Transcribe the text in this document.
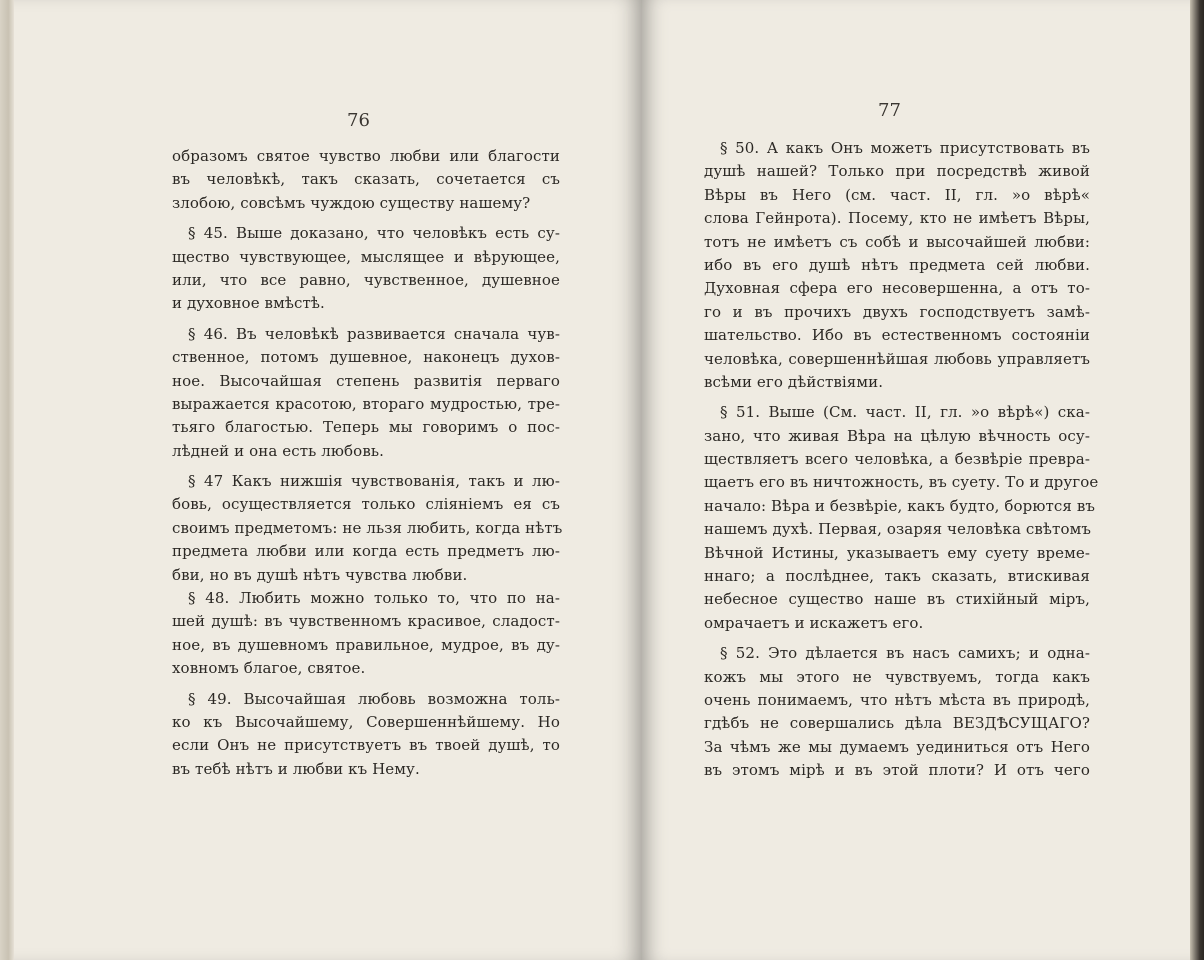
76
образомъ святое чувство любви или благости
въ человѣкѣ, такъ сказать, сочетается съ
злобою, совсѣмъ чуждою существу нашему?
§ 45. Выше доказано, что человѣкъ есть су-
щество чувствующее, мыслящее и вѣрующее,
или, что все равно, чувственное, душевное
и духовное вмѣстѣ.
§ 46. Въ человѣкѣ развивается сначала чув-
ственное, потомъ душевное, наконецъ духов-
ное. Высочайшая степень развитія перваго
выражается красотою, втораго мудростью, тре-
тьяго благостью. Теперь мы говоримъ о пос-
лѣдней и она есть любовь.
§ 47 Какъ нижшія чувствованія, такъ и лю-
бовь, осуществляется только сліяніемъ ея съ
своимъ предметомъ: не льзя любить, когда нѣтъ
предмета любви или когда есть предметъ лю-
бви, но въ душѣ нѣтъ чувства любви.
§ 48. Любить можно только то, что по на-
шей душѣ: въ чувственномъ красивое, сладост-
ное, въ душевномъ правильное, мудрое, въ ду-
ховномъ благое, святое.
§ 49. Высочайшая любовь возможна толь-
ко къ Высочайшему, Совершеннѣйшему. Но
если Онъ не присутствуетъ въ твоей душѣ, то
въ тебѣ нѣтъ и любви къ Нему.
77
§ 50. А какъ Онъ можетъ присутствовать въ
душѣ нашей? Только при посредствѣ живой
Вѣры въ Него (см. част. II, гл. »о вѣрѣ«
слова Гейнрота). Посему, кто не имѣетъ Вѣры,
тотъ не имѣетъ съ собѣ и высочайшей любви:
ибо въ его душѣ нѣтъ предмета сей любви.
Духовная сфера его несовершенна, а отъ то-
го и въ прочихъ двухъ господствуетъ замѣ-
шательство. Ибо въ естественномъ состояніи
человѣка, совершеннѣйшая любовь управляетъ
всѣми его дѣйствіями.
§ 51. Выше (См. част. II, гл. »о вѣрѣ«) ска-
зано, что живая Вѣра на цѣлую вѣчность осу-
ществляетъ всего человѣка, а безвѣріе превра-
щаетъ его въ ничтожность, въ суету. То и другое
начало: Вѣра и безвѣріе, какъ будто, борются въ
нашемъ духѣ. Первая, озаряя человѣка свѣтомъ
Вѣчной Истины, указываетъ ему суету време-
ннаго; а послѣднее, такъ сказать, втискивая
небесное существо наше въ стихійный міръ,
омрачаетъ и искажетъ его.
§ 52. Это дѣлается въ насъ самихъ; и одна-
кожъ мы этого не чувствуемъ, тогда какъ
очень понимаемъ, что нѣтъ мѣста въ природѣ,
гдѣбъ не совершались дѣла ВЕЗДѢСУЩАГО?
За чѣмъ же мы думаемъ уединиться отъ Него
въ этомъ мірѣ и въ этой плоти? И отъ чего
